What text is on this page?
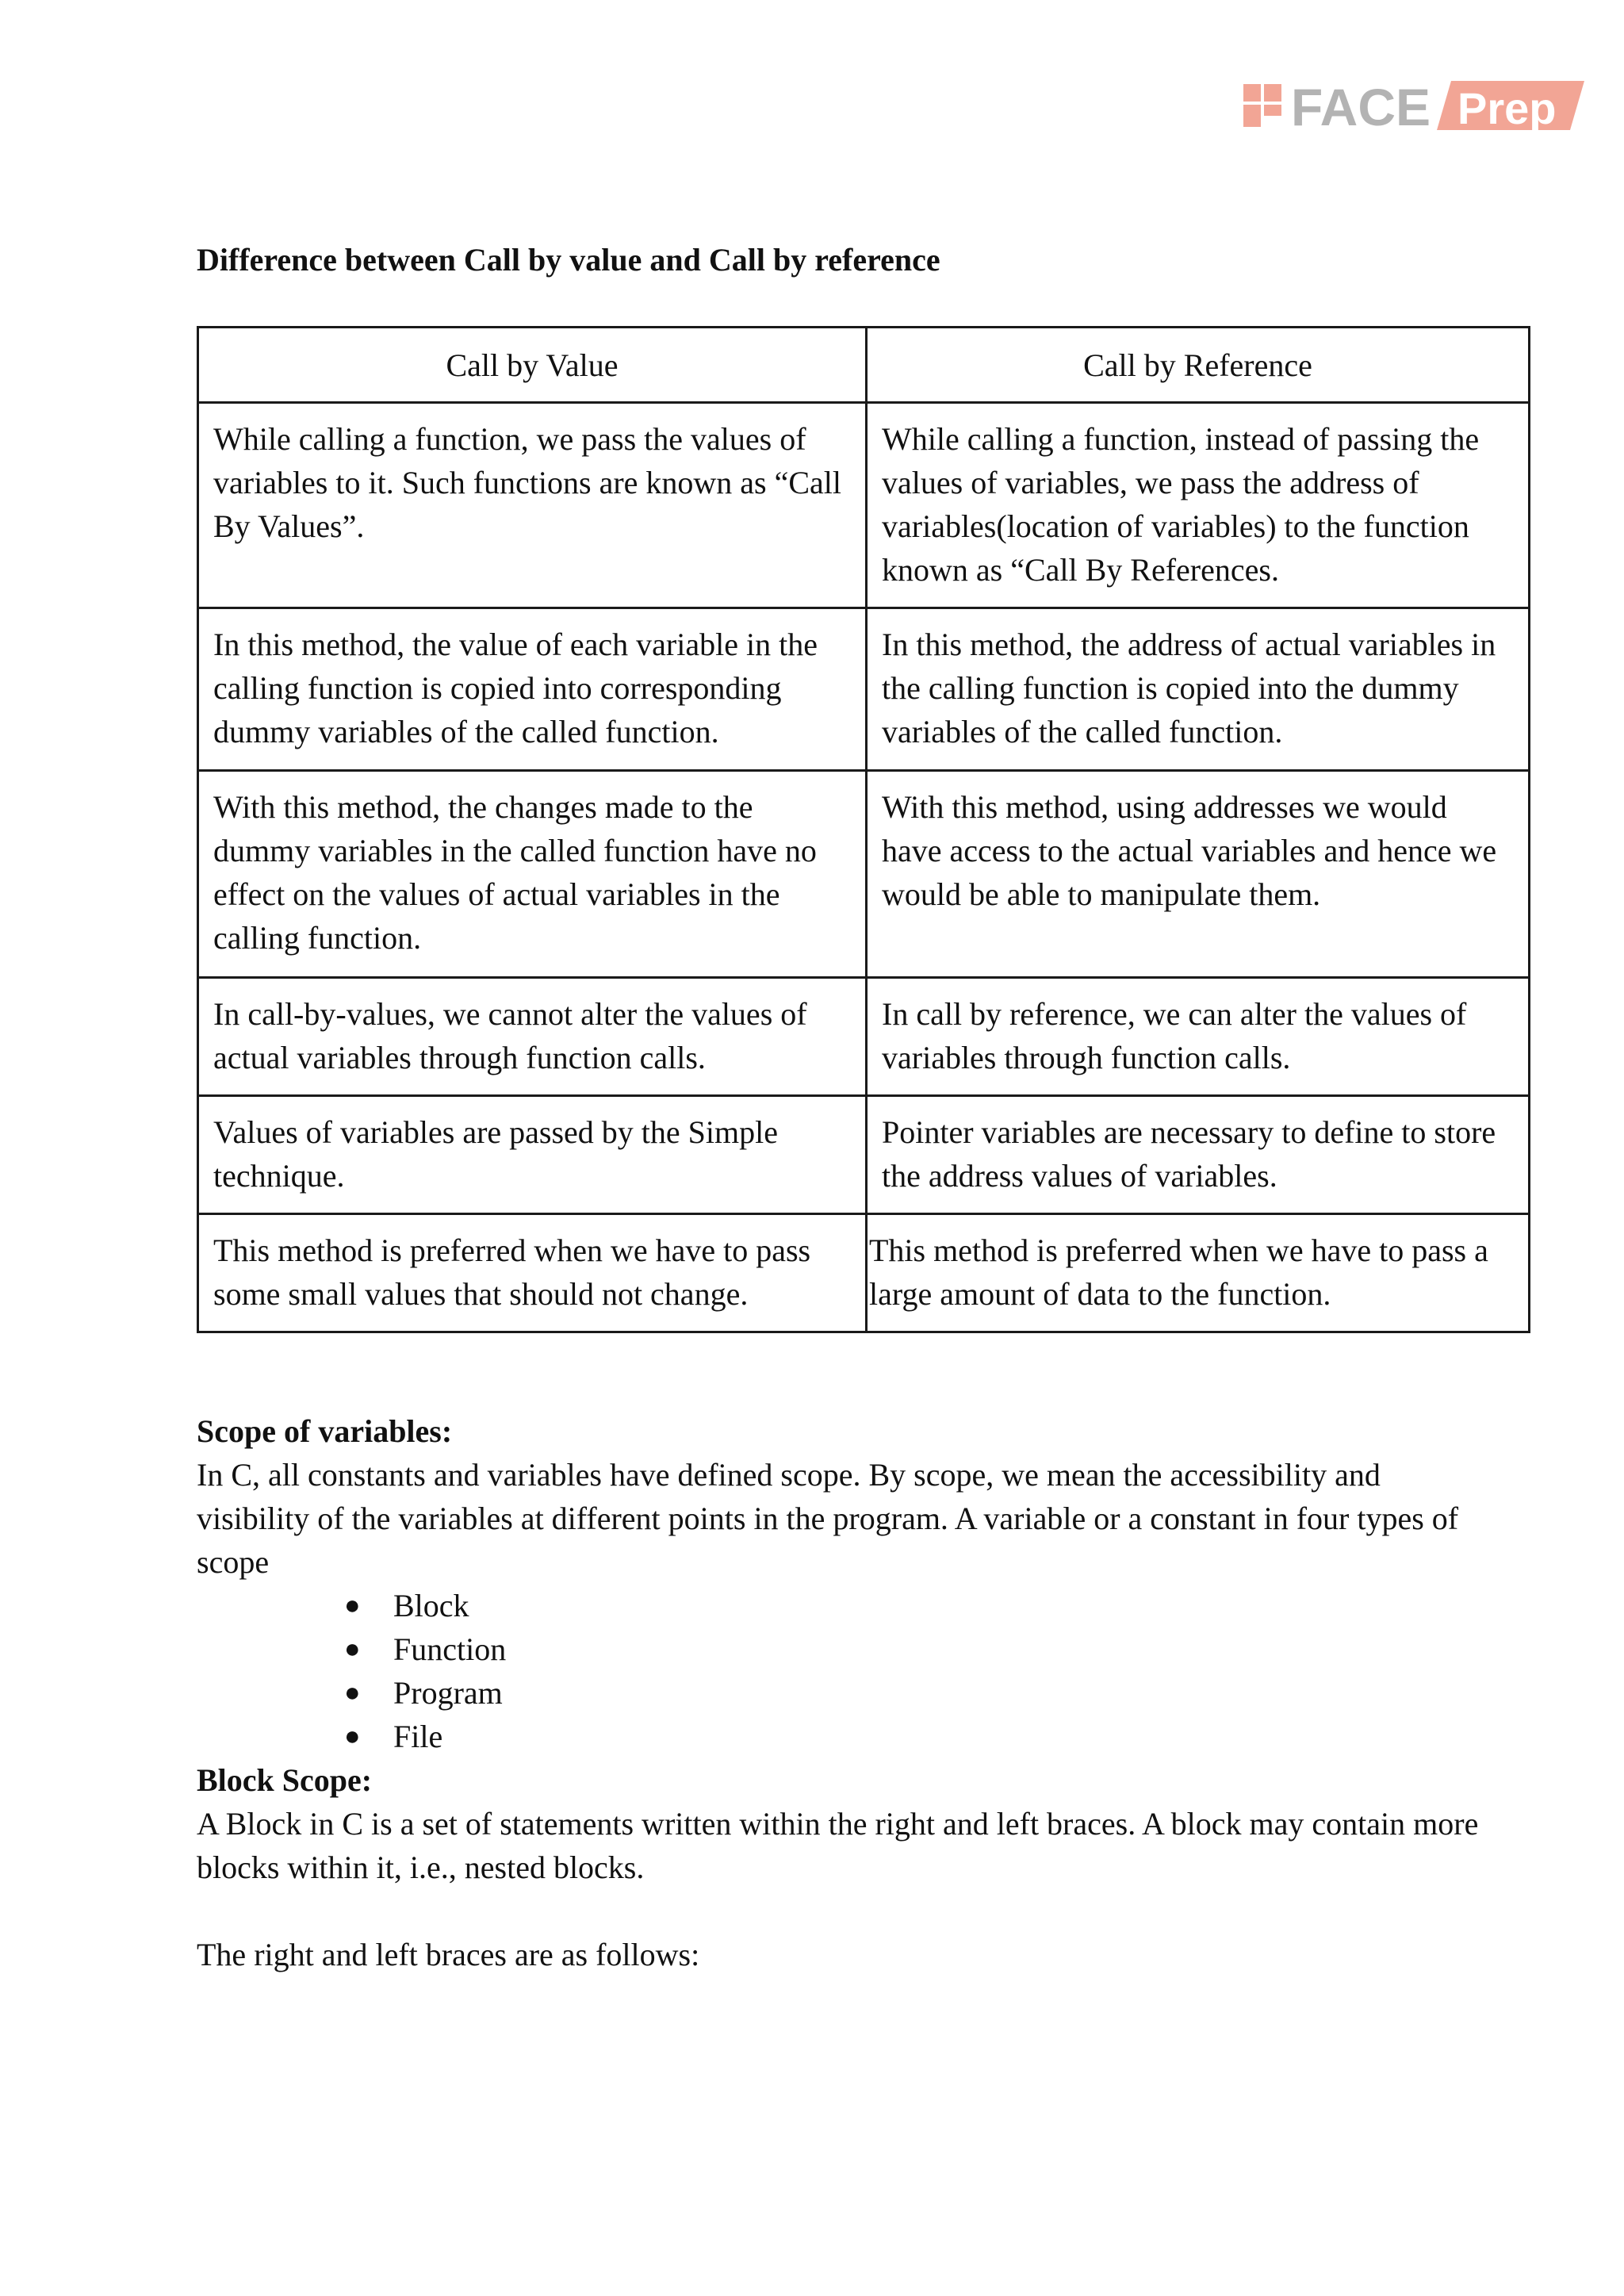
FACE Prep
Difference between Call by value and Call by reference
Call by Value	Call by Reference
While calling a function, we pass the values of variables to it. Such functions are known as “Call By Values”.	While calling a function, instead of passing the values of variables, we pass the address of variables(location of variables) to the function known as “Call By References.
In this method, the value of each variable in the calling function is copied into corresponding dummy variables of the called function.	In this method, the address of actual variables in the calling function is copied into the dummy variables of the called function.
With this method, the changes made to the dummy variables in the called function have no effect on the values of actual variables in the calling function.	With this method, using addresses we would have access to the actual variables and hence we would be able to manipulate them.
In call-by-values, we cannot alter the values of actual variables through function calls.	In call by reference, we can alter the values of variables through function calls.
Values of variables are passed by the Simple technique.	Pointer variables are necessary to define to store the address values of variables.
This method is preferred when we have to pass some small values that should not change.	This method is preferred when we have to pass a large amount of data to the function.
Scope of variables:

In C, all constants and variables have defined scope. By scope, we mean the accessibility and visibility of the variables at different points in the program. A variable or a constant in four types of scope

● Block
● Function
● Program
● File
Block Scope:

A Block in C is a set of statements written within the right and left braces. A block may contain more blocks within it, i.e., nested blocks.

The right and left braces are as follows:
